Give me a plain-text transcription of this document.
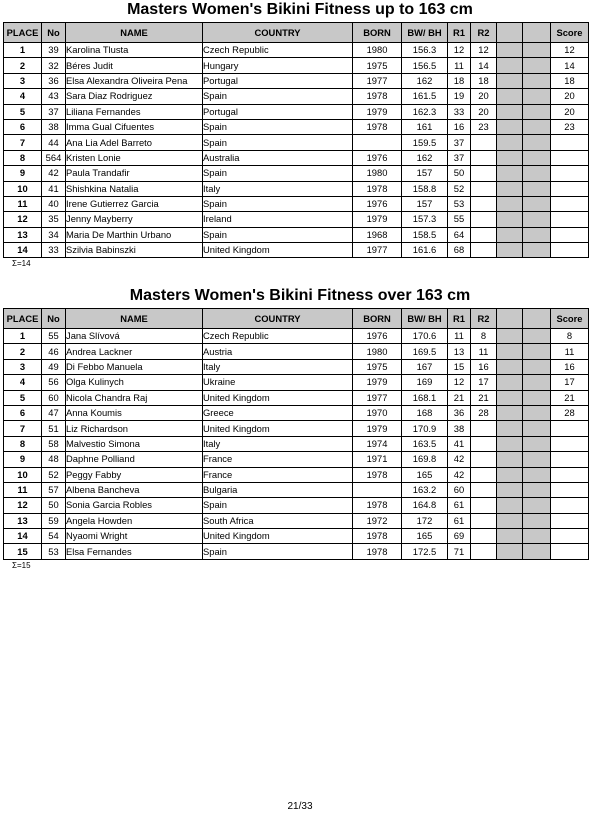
Masters Women's Bikini Fitness up to 163 cm
PLACE	No	NAME	COUNTRY	BORN	BW/ BH	R1	R2			Score
1	39	Karolina Tlusta	Czech Republic	1980	156.3	12	12			12
2	32	Béres Judit	Hungary	1975	156.5	11	14			14
3	36	Elsa Alexandra Oliveira Pena	Portugal	1977	162	18	18			18
4	43	Sara Diaz Rodriguez	Spain	1978	161.5	19	20			20
5	37	Liliana Fernandes	Portugal	1979	162.3	33	20			20
6	38	Imma Gual Cifuentes	Spain	1978	161	16	23			23
7	44	Ana Lia Adel Barreto	Spain		159.5	37				
8	564	Kristen Lonie	Australia	1976	162	37				
9	42	Paula Trandafir	Spain	1980	157	50				
10	41	Shishkina Natalia	Italy	1978	158.8	52				
11	40	Irene Gutierrez Garcia	Spain	1976	157	53				
12	35	Jenny Mayberry	Ireland	1979	157.3	55				
13	34	Maria De Marthin Urbano	Spain	1968	158.5	64				
14	33	Szilvia Babinszki	United Kingdom	1977	161.6	68				
Σ=14
Masters Women's Bikini Fitness over 163 cm
PLACE	No	NAME	COUNTRY	BORN	BW/ BH	R1	R2			Score
1	55	Jana Slívová	Czech Republic	1976	170.6	11	8			8
2	46	Andrea Lackner	Austria	1980	169.5	13	11			11
3	49	Di Febbo Manuela	Italy	1975	167	15	16			16
4	56	Olga Kulinych	Ukraine	1979	169	12	17			17
5	60	Nicola Chandra Raj	United Kingdom	1977	168.1	21	21			21
6	47	Anna Koumis	Greece	1970	168	36	28			28
7	51	Liz Richardson	United Kingdom	1979	170.9	38				
8	58	Malvestio Simona	Italy	1974	163.5	41				
9	48	Daphne Polliand	France	1971	169.8	42				
10	52	Peggy Fabby	France	1978	165	42				
11	57	Albena Bancheva	Bulgaria		163.2	60				
12	50	Sonia Garcia Robles	Spain	1978	164.8	61				
13	59	Angela Howden	South Africa	1972	172	61				
14	54	Nyaomi Wright	United Kingdom	1978	165	69				
15	53	Elsa Fernandes	Spain	1978	172.5	71				
Σ=15
21/33
